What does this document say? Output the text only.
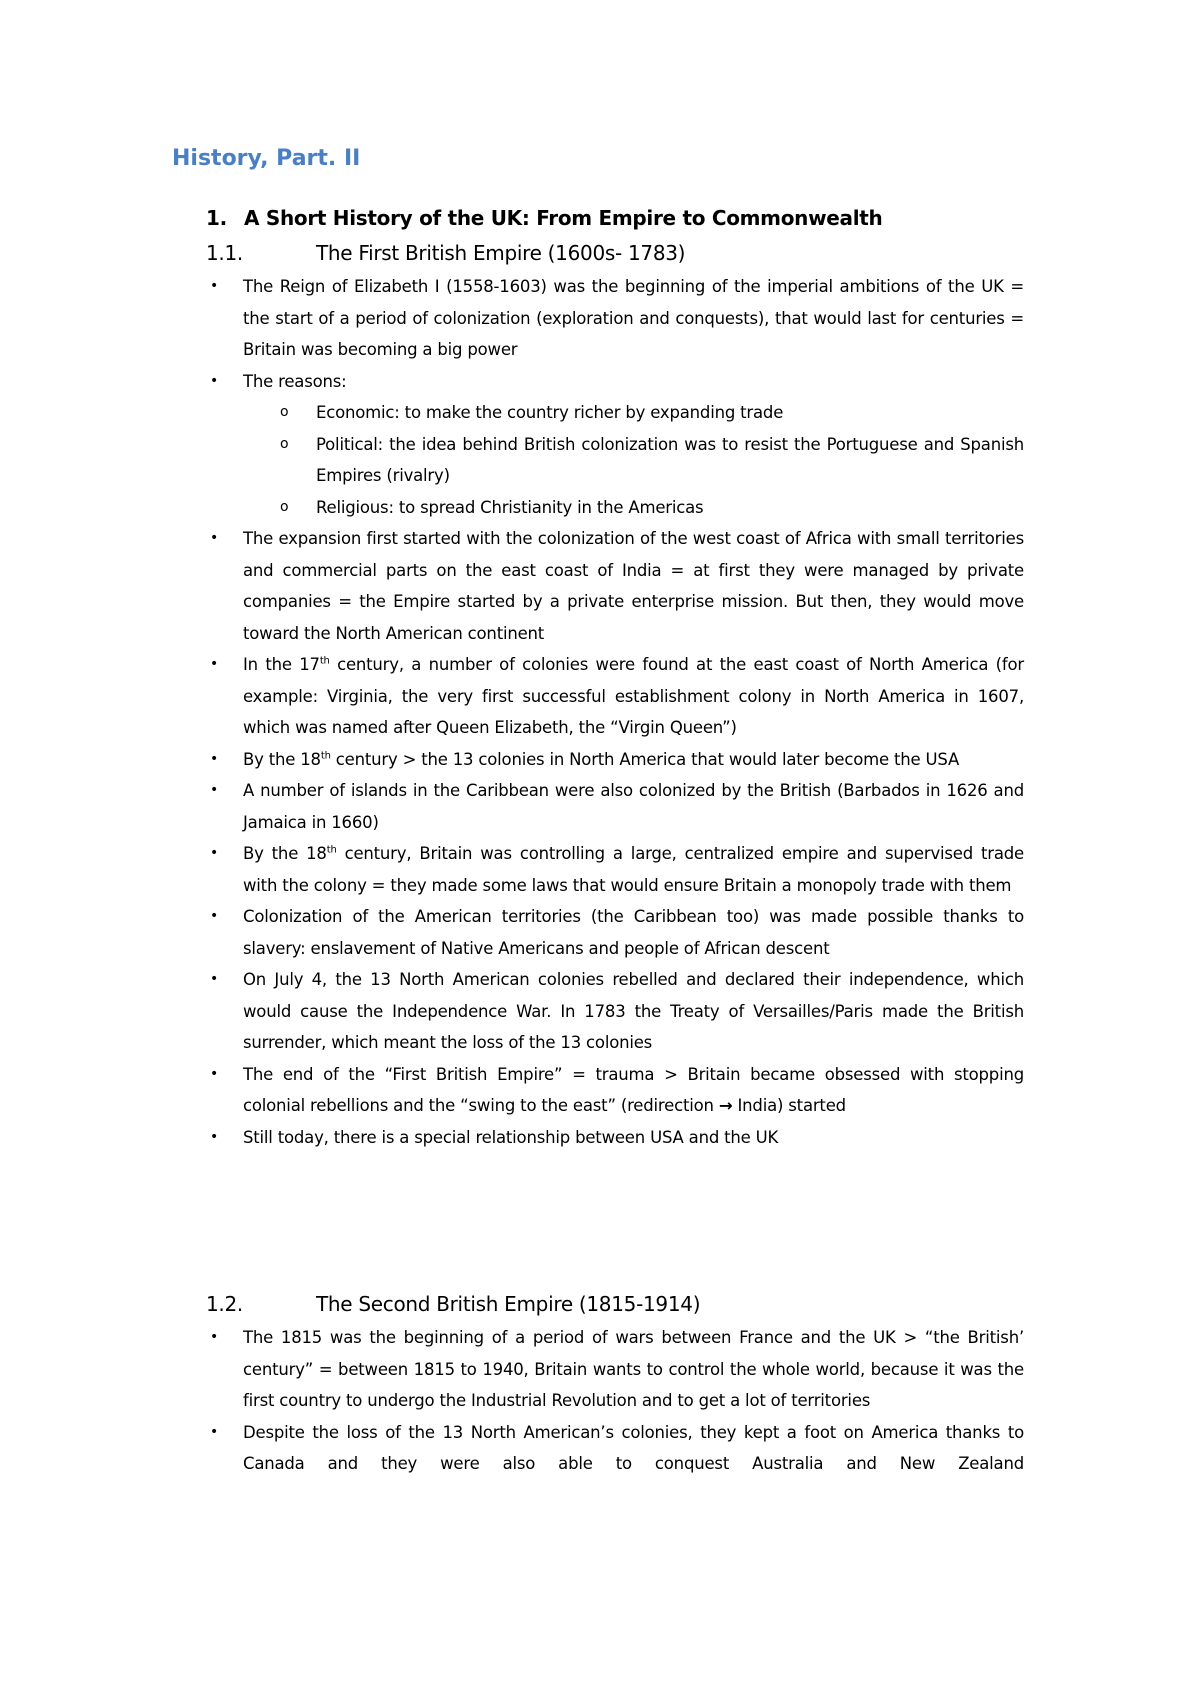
History, Part. II
1. A Short History of the UK: From Empire to Commonwealth
1.1.	The First British Empire (1600s- 1783)
• The Reign of Elizabeth I (1558-1603) was the beginning of the imperial ambitions of the UK = the start of a period of colonization (exploration and conquests), that would last for centuries = Britain was becoming a big power
• The reasons:
o Economic: to make the country richer by expanding trade
o Political: the idea behind British colonization was to resist the Portuguese and Spanish Empires (rivalry)
o Religious: to spread Christianity in the Americas
• The expansion first started with the colonization of the west coast of Africa with small territories and commercial parts on the east coast of India = at first they were managed by private companies = the Empire started by a private enterprise mission. But then, they would move toward the North American continent
• In the 17th century, a number of colonies were found at the east coast of North America (for example: Virginia, the very first successful establishment colony in North America in 1607, which was named after Queen Elizabeth, the “Virgin Queen”)
• By the 18th century > the 13 colonies in North America that would later become the USA
• A number of islands in the Caribbean were also colonized by the British (Barbados in 1626 and Jamaica in 1660)
• By the 18th century, Britain was controlling a large, centralized empire and supervised trade with the colony = they made some laws that would ensure Britain a monopoly trade with them
• Colonization of the American territories (the Caribbean too) was made possible thanks to slavery: enslavement of Native Americans and people of African descent
• On July 4, the 13 North American colonies rebelled and declared their independence, which would cause the Independence War. In 1783 the Treaty of Versailles/Paris made the British surrender, which meant the loss of the 13 colonies
• The end of the “First British Empire” = trauma > Britain became obsessed with stopping colonial rebellions and the “swing to the east” (redirection → India) started
• Still today, there is a special relationship between USA and the UK
1.2.	The Second British Empire (1815-1914)
• The 1815 was the beginning of a period of wars between France and the UK > “the British’ century” = between 1815 to 1940, Britain wants to control the whole world, because it was the first country to undergo the Industrial Revolution and to get a lot of territories
• Despite the loss of the 13 North American’s colonies, they kept a foot on America thanks to Canada and they were also able to conquest Australia and New Zealand
